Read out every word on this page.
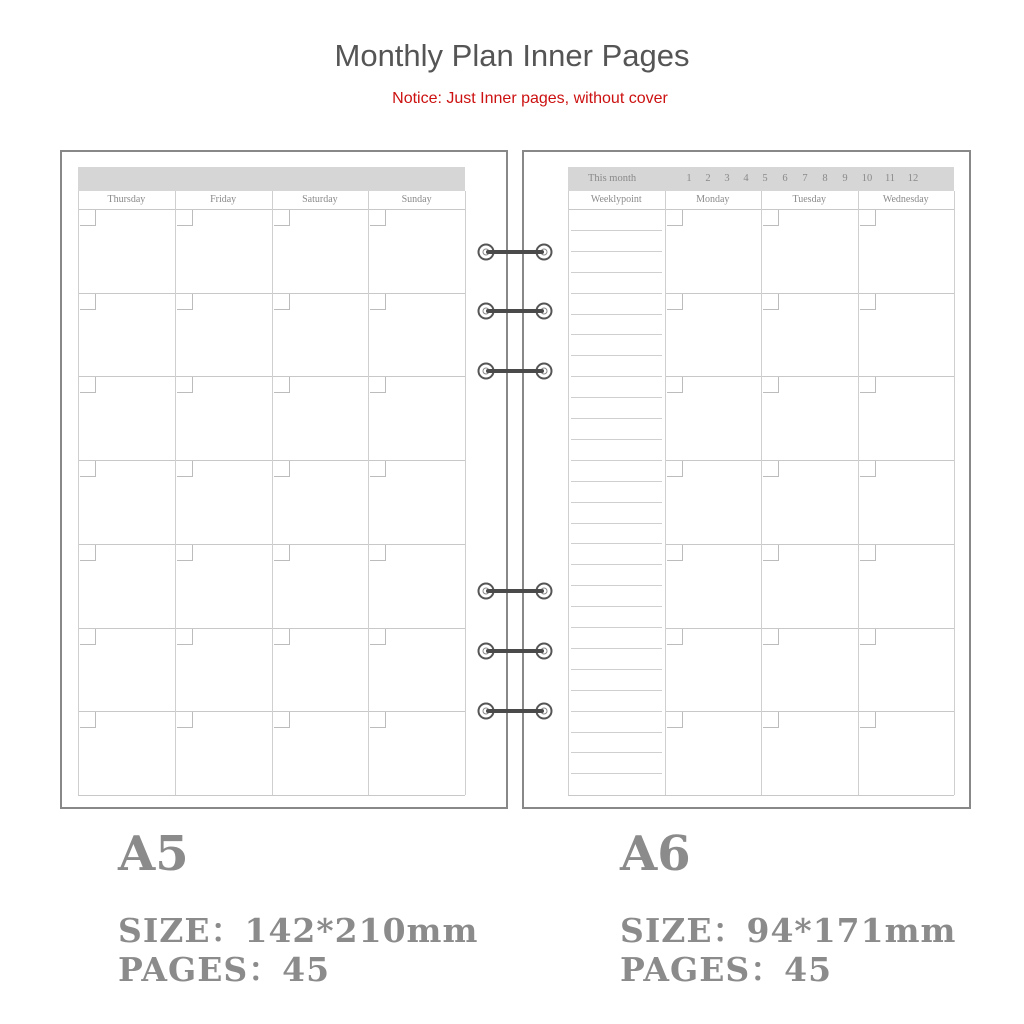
Monthly Plan Inner Pages
Notice: Just Inner pages, without cover
Thursday	Friday	Saturday	Sunday
This month	1	2	3	4	5	6	7	8	9	10	11	12
Weeklypoint	Monday	Tuesday	Wednesday
A5
SIZE：142*210mm
PAGES：45
A6
SIZE：94*171mm
PAGES：45
